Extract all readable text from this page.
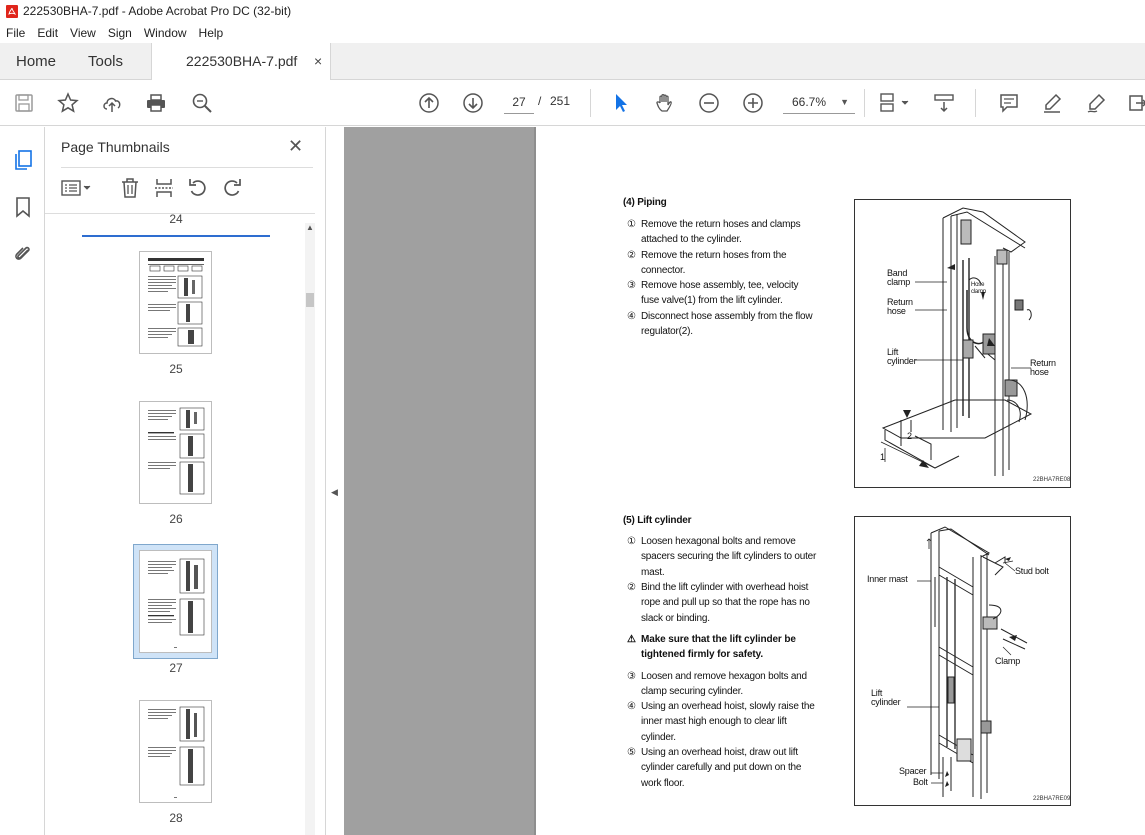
222530BHA-7.pdf - Adobe Acrobat Pro DC (32-bit)
File	Edit	View	Sign	Window	Help
Home Tools	222530BHA-7.pdf ×
27	/ 251	66.7% ▼
Page Thumbnails	✕
24
25
26
27
28
▲
◀
(4) Piping
① Remove the return hoses and clamps
attached to the cylinder.
② Remove the return hoses from the
connector.
③ Remove hose assembly, tee, velocity
fuse valve(1) from the lift cylinder.
④ Disconnect hose assembly from the flow
regulator(2).
Band
clamp	Hose
clamp
Return
hose
Lift
cylinder	Return
hose
1
2
22BHA7RE08
(5) Lift cylinder
① Loosen hexagonal bolts and remove
spacers securing the lift cylinders to outer
mast.
② Bind the lift cylinder with overhead hoist
rope and pull up so that the rope has no
slack or binding.
⚠ Make sure that the lift cylinder be
tightened firmly for safety.
③ Loosen and remove hexagon bolts and
clamp securing cylinder.
④ Using an overhead hoist, slowly raise the
inner mast high enough to clear lift
cylinder.
⑤ Using an overhead hoist, draw out lift
cylinder carefully and put down on the
work floor.
Inner mast
Stud bolt
Clamp
Lift
cylinder
Spacer
Bolt
22BHA7RE09
